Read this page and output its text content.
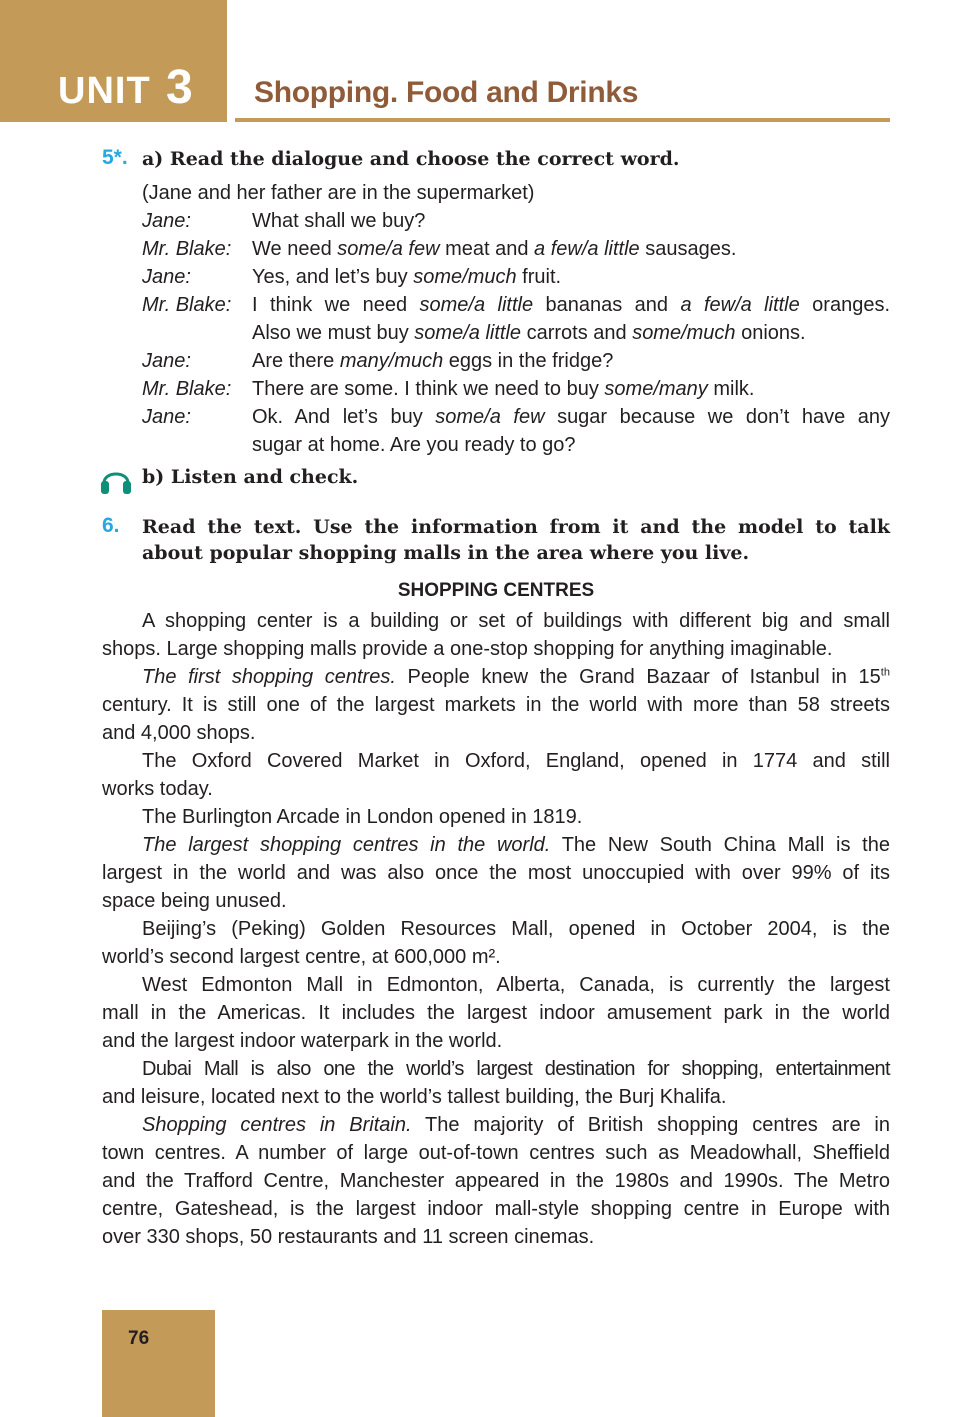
UNIT 3 Shopping. Food and Drinks
5*. a) Read the dialogue and choose the correct word.
(Jane and her father are in the supermarket)
Jane:	What shall we buy?
Mr. Blake: We need some/a few meat and a few/a little sausages.
Jane:	Yes, and let’s buy some/much fruit.
Mr. Blake: I think we need some/a little bananas and a few/a little oranges.
Also we must buy some/a little carrots and some/much onions.
Jane:	Are there many/much eggs in the fridge?
Mr. Blake: There are some. I think we need to buy some/many milk.
Jane:	Ok. And let’s buy some/a few sugar because we don’t have any
sugar at home. Are you ready to go?
b) Listen and check.
6. Read the text. Use the information from it and the model to talk
about popular shopping malls in the area where you live.
SHOPPING CENTRES
A shopping center is a building or set of buildings with different big and small
shops. Large shopping malls provide a one-stop shopping for anything imaginable.
The first shopping centres. People knew the Grand Bazaar of Istanbul in 15th
century. It is still one of the largest markets in the world with more than 58 streets
and 4,000 shops.
The Oxford Covered Market in Oxford, England, opened in 1774 and still
works today.
The Burlington Arcade in London opened in 1819.
The largest shopping centres in the world. The New South China Mall is the
largest in the world and was also once the most unoccupied with over 99% of its
space being unused.
Beijing’s (Peking) Golden Resources Mall, opened in October 2004, is the
world’s second largest centre, at 600,000 m².
West Edmonton Mall in Edmonton, Alberta, Canada, is currently the largest
mall in the Americas. It includes the largest indoor amusement park in the world
and the largest indoor waterpark in the world.
Dubai Mall is also one the world’s largest destination for shopping, entertainment
and leisure, located next to the world’s tallest building, the Burj Khalifa.
Shopping centres in Britain. The majority of British shopping centres are in
town centres. A number of large out-of-town centres such as Meadowhall, Sheffield
and the Trafford Centre, Manchester appeared in the 1980s and 1990s. The Metro
centre, Gateshead, is the largest indoor mall-style shopping centre in Europe with
over 330 shops, 50 restaurants and 11 screen cinemas.
76
